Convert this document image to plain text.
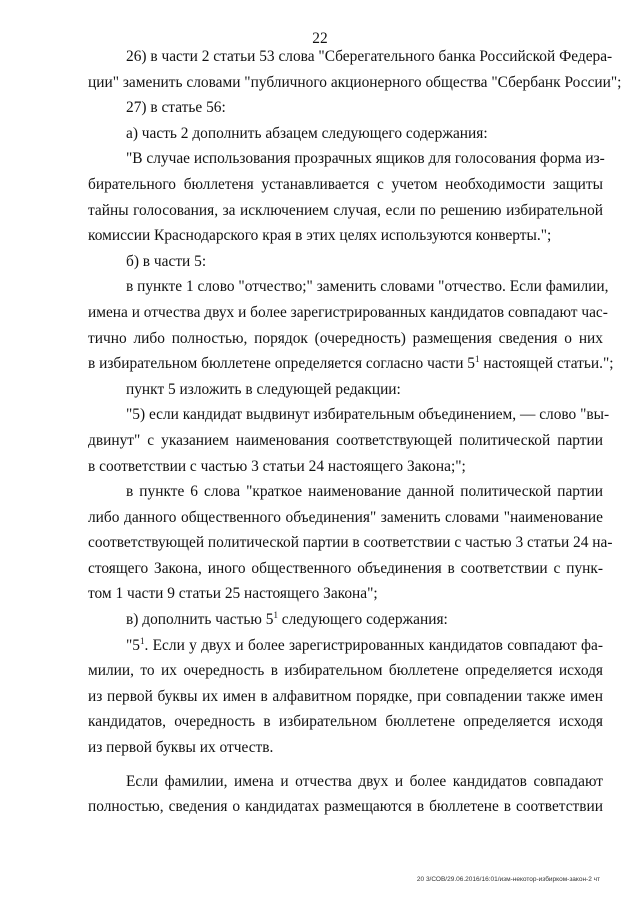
22
26) в части 2 статьи 53 слова "Сберегательного банка Российской Федера-
ции" заменить словами "публичного акционерного общества "Сбербанк России";
27) в статье 56:
а) часть 2 дополнить абзацем следующего содержания:
"В случае использования прозрачных ящиков для голосования форма из-
бирательного бюллетеня устанавливается с учетом необходимости защиты
тайны голосования, за исключением случая, если по решению избирательной
комиссии Краснодарского края в этих целях используются конверты.";
б) в части 5:
в пункте 1 слово "отчество;" заменить словами "отчество. Если фамилии,
имена и отчества двух и более зарегистрированных кандидатов совпадают час-
тично либо полностью, порядок (очередность) размещения сведения о них
в избирательном бюллетене определяется согласно части $5^1$ настоящей статьи.";
пункт 5 изложить в следующей редакции:
"5) если кандидат выдвинут избирательным объединением, — слово "вы-
двинут" с указанием наименования соответствующей политической партии
в соответствии с частью 3 статьи 24 настоящего Закона;";
в пункте 6 слова "краткое наименование данной политической партии
либо данного общественного объединения" заменить словами "наименование
соответствующей политической партии в соответствии с частью 3 статьи 24 на-
стоящего Закона, иного общественного объединения в соответствии с пунк-
том 1 части 9 статьи 25 настоящего Закона";
в) дополнить частью $5^1$ следующего содержания:
"$5^1$. Если у двух и более зарегистрированных кандидатов совпадают фа-
милии, то их очередность в избирательном бюллетене определяется исходя
из первой буквы их имен в алфавитном порядке, при совпадении также имен
кандидатов, очередность в избирательном бюллетене определяется исходя
из первой буквы их отчеств.
Если фамилии, имена и отчества двух и более кандидатов совпадают
полностью, сведения о кандидатах размещаются в бюллетене в соответствии
20 3/СОВ/29.06.2016/16:01/изм-некотор-избирком-закон-2 чт
